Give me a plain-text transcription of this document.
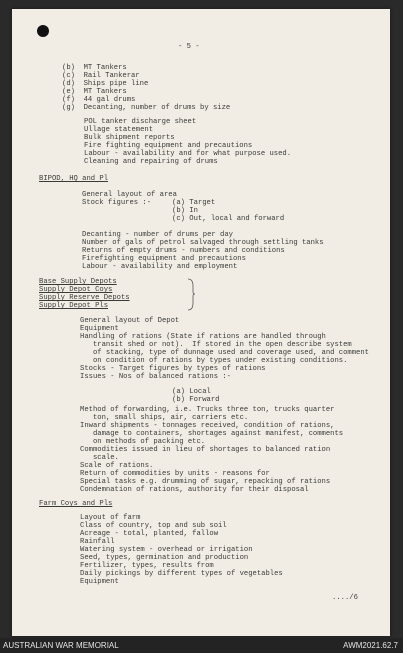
- 5 -
(b)  MT Tankers
(c)  Rail Tankerar
(d)  Ships pipe line
(e)  MT Tankers
(f)  44 gal drums
(g)  Decanting, number of drums by size
POL tanker discharge sheet
Ullage statement
Bulk shipment reports
Fire fighting equipment and precautions
Labour - availability and for what purpose used.
Cleaning and repairing of drums
BIPOD, HQ and Pl
General layout of area
Stock figures :-	(a) Target
(b) In
(c) Out, local and forward
Decanting - number of drums per day
Number of gals of petrol salvaged through settling tanks
Returns of empty drums - numbers and conditions
Firefighting equipment and precautions
Labour - availability and employment
Base Supply Depots
Supply Depot Coys
Supply Reserve Depots
Supply Depot Pls
General layout of Depot
Equipment
Handling of rations (State if rations are handled through
transit shed or not).  If stored in the open describe system
of stacking, type of dunnage used and coverage used, and comment
on condition of rations by types under existing conditions.
Stocks - Target figures by types of rations
Issues - Nos of balanced rations :-
(a) Local
(b) Forward
Method of forwarding, i.e. Trucks three ton, trucks quarter
ton, small ships, air, carriers etc.
Inward shipments - tonnages received, condition of rations,
damage to containers, shortages against manifest, comments
on methods of packing etc.
Commodities issued in lieu of shortages to balanced ration
scale.
Scale of rations.
Return of commodities by units - reasons for
Special tasks e.g. drumming of sugar, repacking of rations
Condemnation of rations, authority for their disposal
Farm Coys and Pls
Layout of farm
Class of country, top and sub soil
Acreage - total, planted, fallow
Rainfall
Watering system - overhead or irrigation
Seed, types, germination and production
Fertilizer, types, results from
Daily pickings by different types of vegetables
Equipment
..../6
AUSTRALIAN WAR MEMORIAL	AWM2021.62.7
